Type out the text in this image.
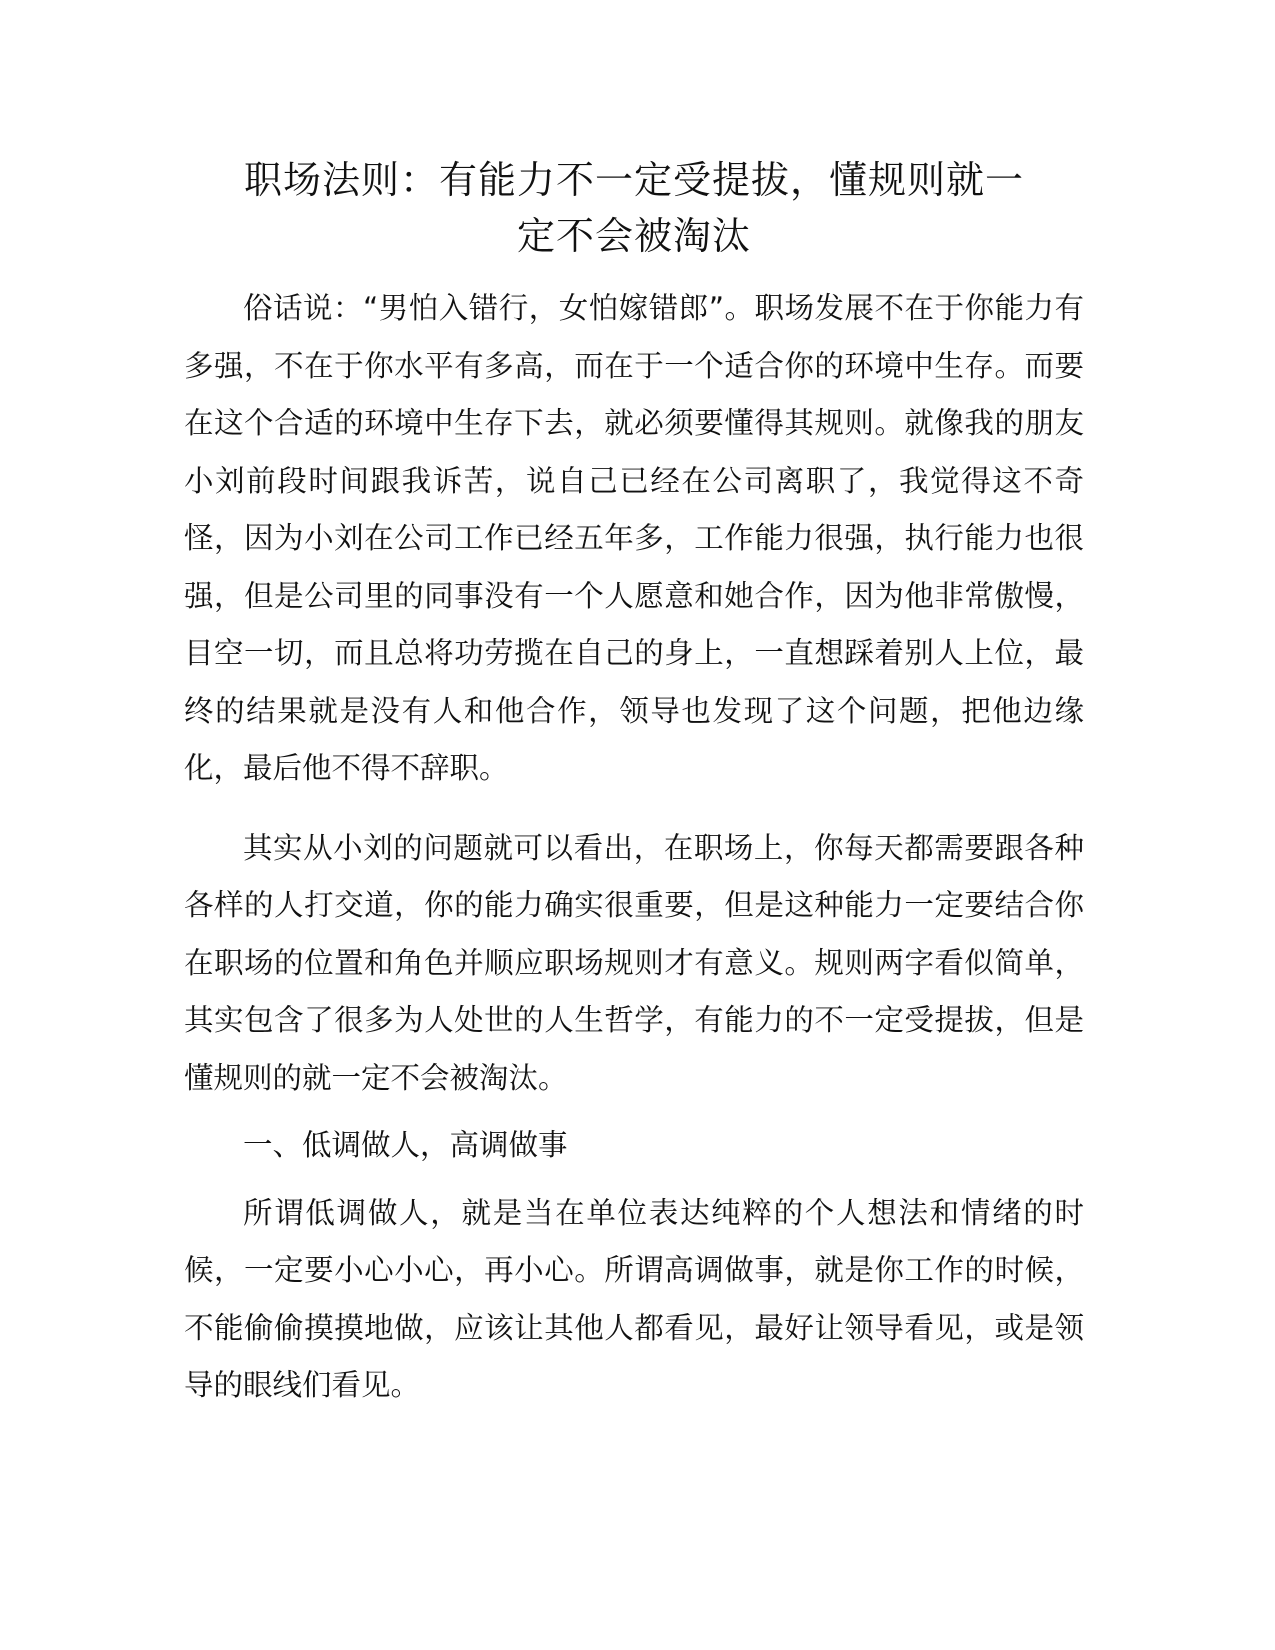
职场法则：有能力不一定受提拔，懂规则就一
定不会被淘汰

俗话说：“男怕入错行，女怕嫁错郎”。职场发展不在于你能力有多强，不在于你水平有多高，而在于一个适合你的环境中生存。而要在这个合适的环境中生存下去，就必须要懂得其规则。就像我的朋友小刘前段时间跟我诉苦，说自己已经在公司离职了，我觉得这不奇怪，因为小刘在公司工作已经五年多，工作能力很强，执行能力也很强，但是公司里的同事没有一个人愿意和她合作，因为他非常傲慢，目空一切，而且总将功劳揽在自己的身上，一直想踩着别人上位，最终的结果就是没有人和他合作，领导也发现了这个问题，把他边缘化，最后他不得不辞职。

其实从小刘的问题就可以看出，在职场上，你每天都需要跟各种各样的人打交道，你的能力确实很重要，但是这种能力一定要结合你在职场的位置和角色并顺应职场规则才有意义。规则两字看似简单，其实包含了很多为人处世的人生哲学，有能力的不一定受提拔，但是懂规则的就一定不会被淘汰。

一、低调做人，高调做事

所谓低调做人，就是当在单位表达纯粹的个人想法和情绪的时候，一定要小心小心，再小心。所谓高调做事，就是你工作的时候，不能偷偷摸摸地做，应该让其他人都看见，最好让领导看见，或是领导的眼线们看见。
